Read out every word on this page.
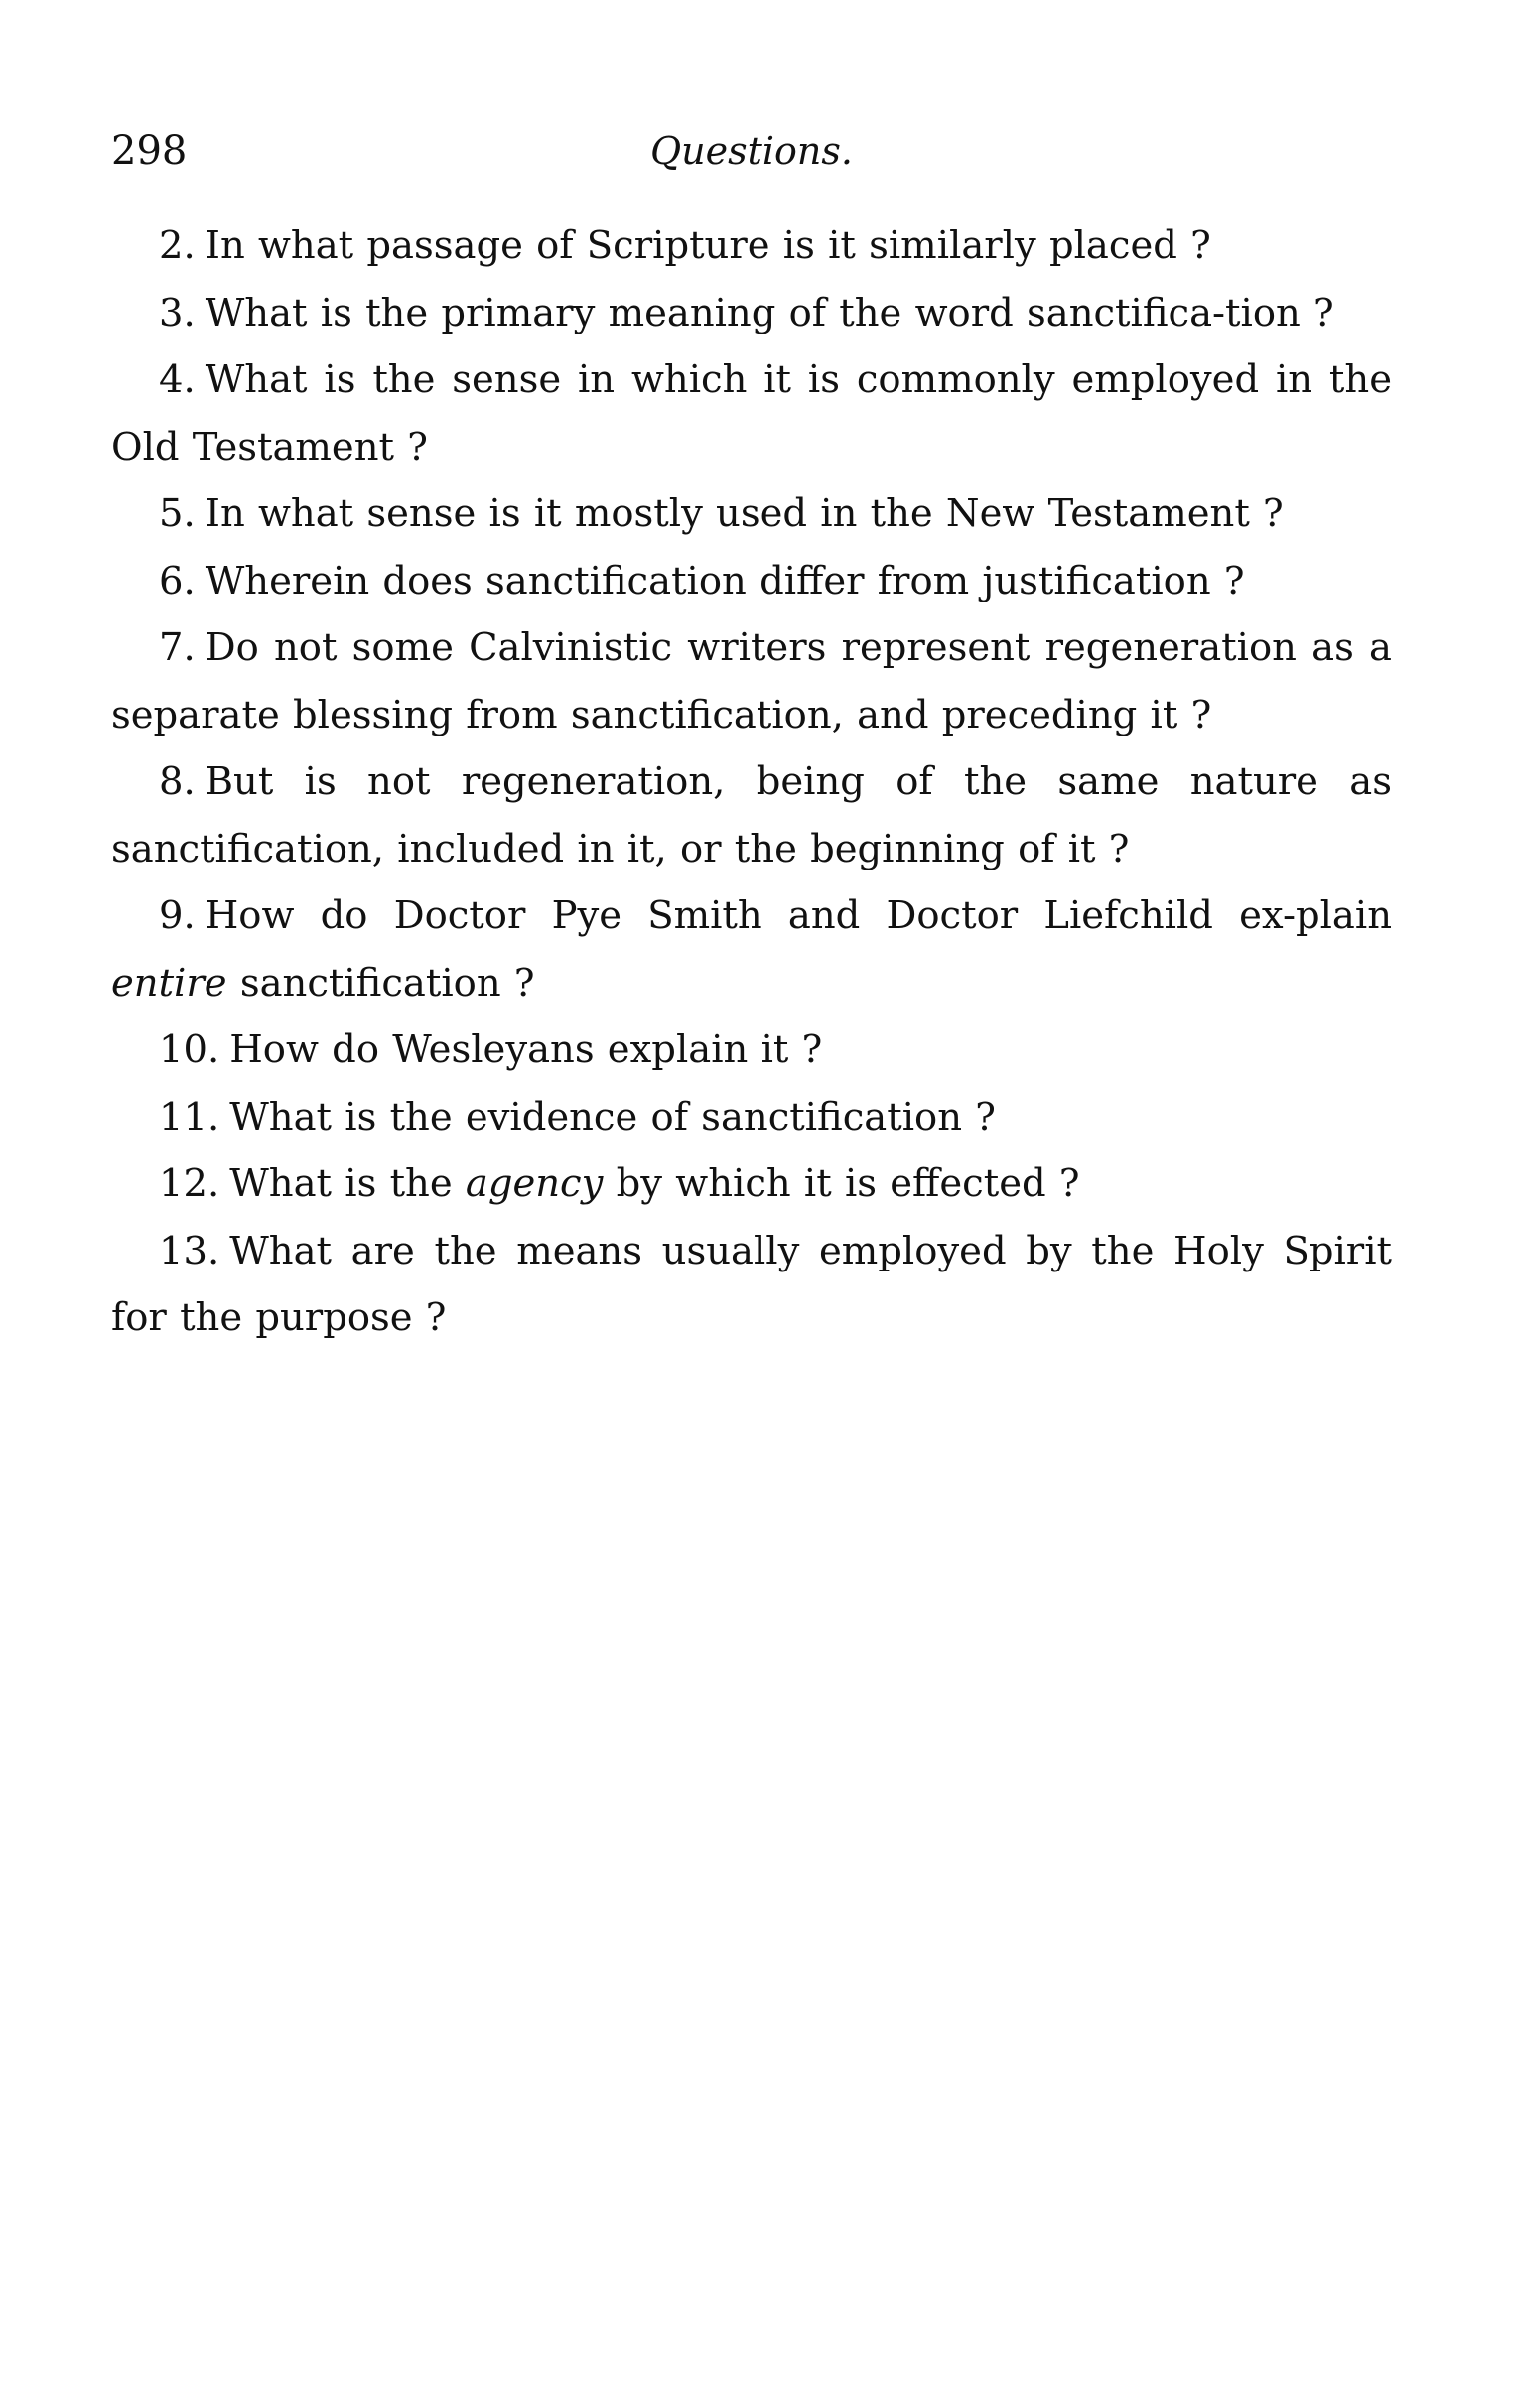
298	Questions.
2. In what passage of Scripture is it similarly placed ?
3. What is the primary meaning of the word sanctifica-tion ?
4. What is the sense in which it is commonly employed in the Old Testament ?
5. In what sense is it mostly used in the New Testament ?
6. Wherein does sanctification differ from justification ?
7. Do not some Calvinistic writers represent regeneration as a separate blessing from sanctification, and preceding it ?
8. But is not regeneration, being of the same nature as sanctification, included in it, or the beginning of it ?
9. How do Doctor Pye Smith and Doctor Liefchild ex-plain entire sanctification ?
10. How do Wesleyans explain it ?
11. What is the evidence of sanctification ?
12. What is the agency by which it is effected ?
13. What are the means usually employed by the Holy Spirit for the purpose ?
